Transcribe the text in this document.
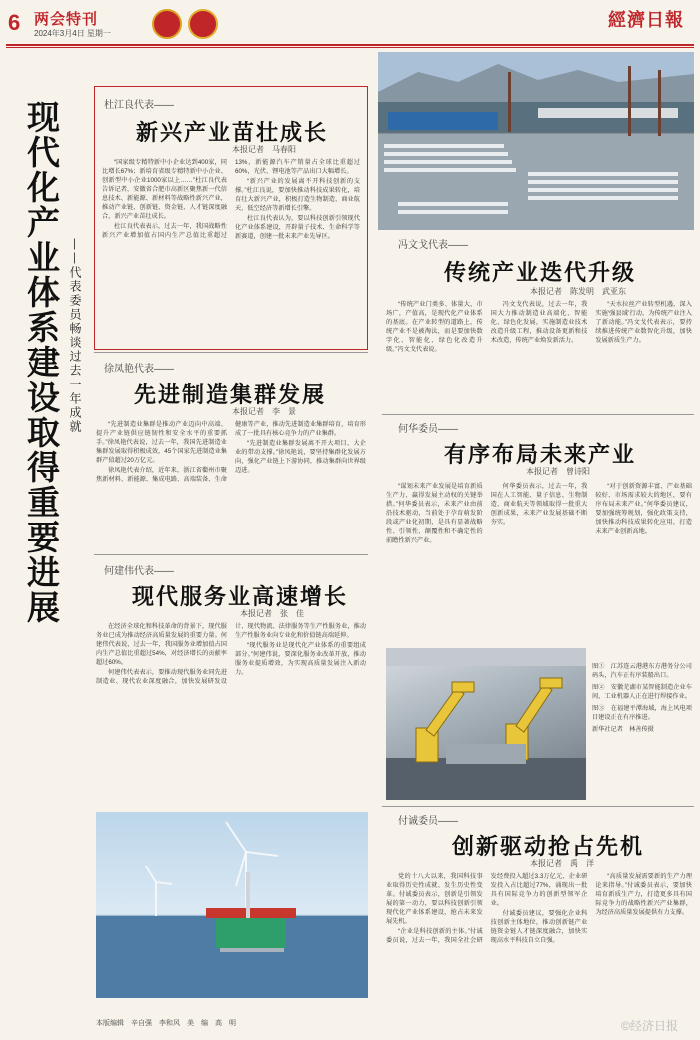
6 两会特刊
2024年3月4日 星期一
經濟日報
现代化产业体系建设取得重要进展 ——代表委员畅谈过去一年成就
杜江良代表——
新兴产业苗壮成长
本报记者　马春阳

“国家级专精特新中小企业达到400家，同比增长67%；新培育省级专精特新中小企业、创新型中小企业1000家以上……”杜江良代表告诉记者，安徽省合肥市高新区聚焦新一代信息技术、新能源、新材料等战略性新兴产业，推动产业链、创新链、资金链、人才链深度融合，新兴产业苗壮成长。

杜江良代表表示，过去一年，我国战略性新兴产业增加值占国内生产总值比重超过13%，新能源汽车产销量占全球比重超过60%，光伏、锂电池等产品出口大幅增长。

“新兴产业的发展离不开科技创新的支撑。”杜江良说，要加快推动科技成果转化，培育壮大新兴产业，积极打造生物制造、商业航天、低空经济等新增长引擎。

杜江良代表认为，要以科技创新引领现代化产业体系建设，开辟量子技术、生命科学等新赛道，创建一批未来产业先导区。

冯文戈代表——
传统产业迭代升级
本报记者　陈发明　武亚东

“传统产业门类多、体量大，市场广，产值高，是现代化产业体系的基底。在产业转型的道路上，传统产业不是被淘汰，而是要加快数字化、智能化、绿色化改造升级。”冯文戈代表说。

冯文戈代表说，过去一年，我国大力推动制造业高端化、智能化、绿色化发展，实施制造业技术改造升级工程，推动设备更新和技术改造，传统产业焕发新活力。

“天水拉丝产业转型机遇，深入实施‘强县域’行动，为传统产业注入了新动能。”冯文戈代表表示，要持续推进传统产业数智化升级，加快发展新质生产力。

徐凤艳代表——
先进制造集群发展
本报记者　李　景

“先进制造业集群是推动产业迈向中高端、提升产业链供应链韧性和安全水平的重要抓手。”徐凤艳代表说，过去一年，我国先进制造业集群发展取得积极成效，45个国家先进制造业集群产值超过20万亿元。

徐凤艳代表介绍，近年来，浙江省衢州市聚焦新材料、新能源、集成电路、高端装备、生命健康等产业，推动先进制造业集群培育，培育形成了一批具有核心竞争力的产业集群。

“先进制造业集群发展离不开大项目、大企业的带动支撑。”徐凤艳说，要坚持集群化发展方向，强化产业链上下游协同，推动集群向世界级迈进。

何华委员——
有序布局未来产业
本报记者　曾诗阳

“谋划未来产业发展是培育新质生产力、赢得发展主动权的关键举措。”何华委员表示，未来产业由前沿技术驱动，当前处于孕育萌发阶段或产业化初期，是具有显著战略性、引领性、颠覆性和不确定性的前瞻性新兴产业。

何华委员表示，过去一年，我国在人工智能、量子信息、生物制造、商业航天等领域取得一批重大创新成果，未来产业发展基础不断夯实。

“对于创新资源丰富、产业基础较好、市场需求较大的地区，要有序布局未来产业。”何华委员建议，要加强统筹规划，强化政策支持，加快推动科技成果转化应用，打造未来产业创新高地。

何建伟代表——
现代服务业高速增长
本报记者　张　佳

在经济全球化和科技革命的背景下，现代服务业已成为推动经济高质量发展的重要力量。何建伟代表说，过去一年，我国服务业增加值占国内生产总值比重超过54%，对经济增长的贡献率超过60%。

何建伟代表表示，要推动现代服务业同先进制造业、现代农业深度融合，加快发展研发设计、现代物流、法律服务等生产性服务业，推动生产性服务业向专业化和价值链高端延伸。

“现代服务业是现代化产业体系的重要组成部分。”何建伟说，要深化服务业改革开放，推动服务业提质增效，为实现高质量发展注入新动力。

图①　江苏连云港港东方港务分公司码头，汽车正有序装船出口。
图②　安徽芜湖市某智能制造企业车间，工业机器人正在进行焊接作业。
图③　在福建平潭海域，海上风电项目建设正在有序推进。
新华社记者　林善传摄
付诚委员——
创新驱动抢占先机
本报记者　禹　洋

党的十八大以来，我国科技事业取得历史性成就、发生历史性变革。付诚委员表示，创新是引领发展的第一动力，要以科技创新引领现代化产业体系建设，抢占未来发展先机。

“企业是科技创新的主体。”付诚委员说，过去一年，我国全社会研发经费投入超过3.3万亿元，企业研发投入占比超过77%，涌现出一批具有国际竞争力的创新型领军企业。

付诚委员建议，要强化企业科技创新主体地位，推动创新链产业链资金链人才链深度融合，加快实现高水平科技自立自强。

“高质量发展需要新的生产力理论来指导。”付诚委员表示，要加快培育新质生产力，打造更多具有国际竞争力的战略性新兴产业集群，为经济高质量发展提供有力支撑。

本版编辑　辛自强　李和风　美　编　高　明	©经济日报
